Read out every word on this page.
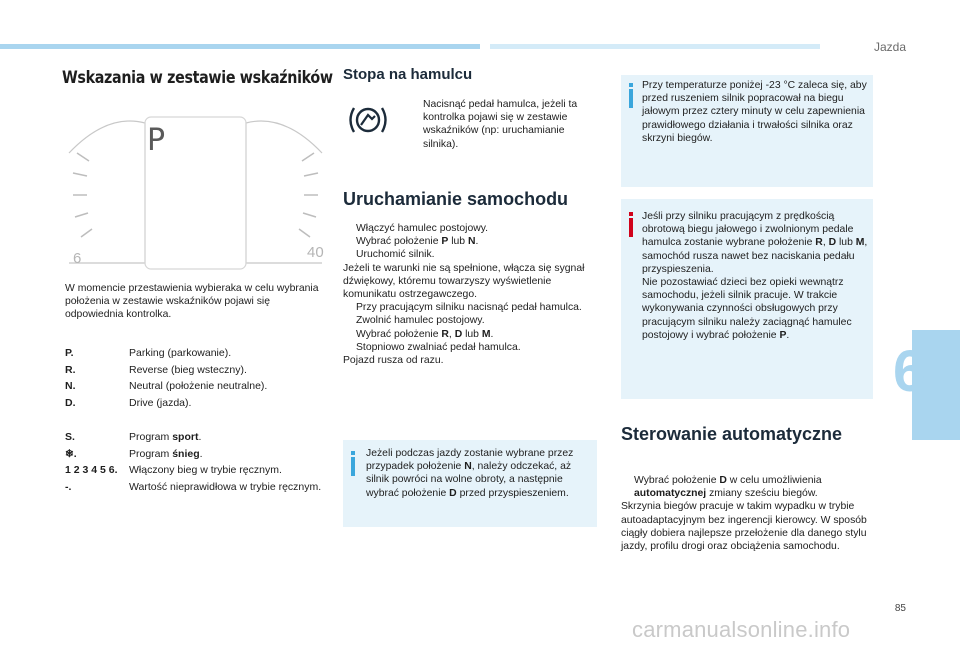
Jazda
Wskazania w zestawie wskaźników
P
6	40
W momencie przestawienia wybieraka w celu wybrania położenia w zestawie wskaźników pojawi się odpowiednia kontrolka.
P.	Parking (parkowanie).
R.	Reverse (bieg wsteczny).
N.	Neutral (położenie neutralne).
D.	Drive (jazda).
S.	Program sport.
❄.	Program śnieg.
1 2 3 4 5 6.	Włączony bieg w trybie ręcznym.
-.	Wartość nieprawidłowa w trybie ręcznym.
Stopa na hamulcu
Nacisnąć pedał hamulca, jeżeli ta kontrolka pojawi się w zestawie wskaźników (np: uruchamianie silnika).
Uruchamianie samochodu
Włączyć hamulec postojowy.
Wybrać położenie P lub N.
Uruchomić silnik.
Jeżeli te warunki nie są spełnione, włącza się sygnał dźwiękowy, któremu towarzyszy wyświetlenie komunikatu ostrzegawczego.
Przy pracującym silniku nacisnąć pedał hamulca.
Zwolnić hamulec postojowy.
Wybrać położenie R, D lub M.
Stopniowo zwalniać pedał hamulca.
Pojazd rusza od razu.
Jeżeli podczas jazdy zostanie wybrane przez przypadek położenie N, należy odczekać, aż silnik powróci na wolne obroty, a następnie wybrać położenie D przed przyspieszeniem.
Przy temperaturze poniżej -23 °C zaleca się, aby przed ruszeniem silnik popracował na biegu jałowym przez cztery minuty w celu zapewnienia prawidłowego działania i trwałości silnika oraz skrzyni biegów.
Jeśli przy silniku pracującym z prędkością obrotową biegu jałowego i zwolnionym pedale hamulca zostanie wybrane położenie R, D lub M, samochód rusza nawet bez naciskania pedału przyspieszenia.
Nie pozostawiać dzieci bez opieki wewnątrz samochodu, jeżeli silnik pracuje. W trakcie wykonywania czynności obsługowych przy pracującym silniku należy zaciągnąć hamulec postojowy i wybrać położenie P.
Sterowanie automatyczne
Wybrać położenie D w celu umożliwienia automatycznej zmiany sześciu biegów.
Skrzynia biegów pracuje w takim wypadku w trybie autoadaptacyjnym bez ingerencji kierowcy. W sposób ciągły dobiera najlepsze przełożenie dla danego stylu jazdy, profilu drogi oraz obciążenia samochodu.
6
85
carmanualsonline.info
